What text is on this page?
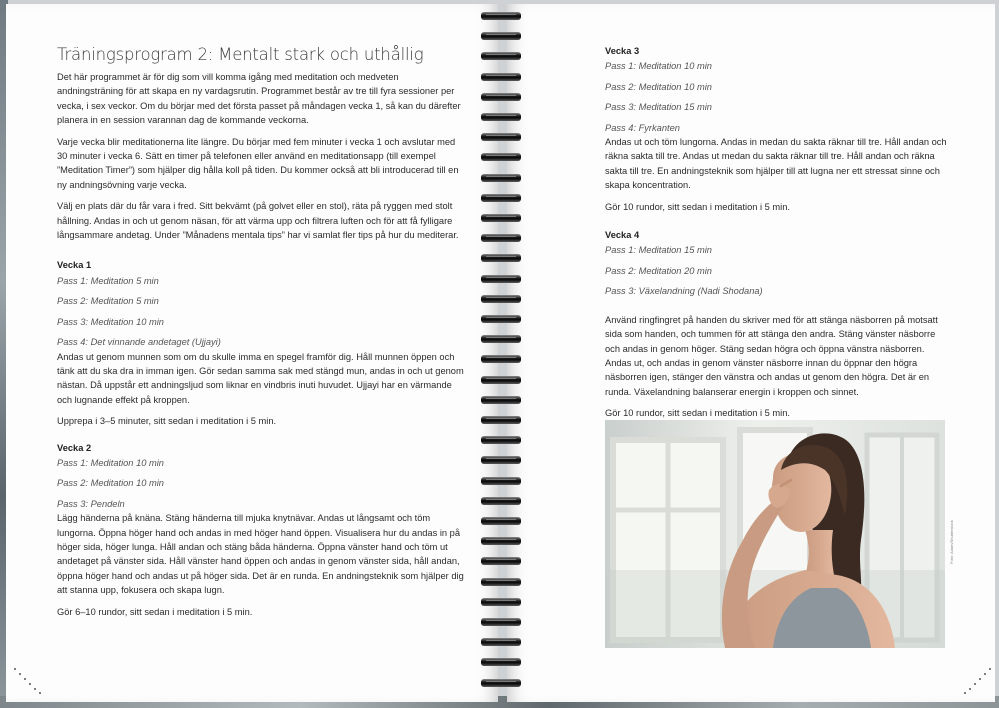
Träningsprogram 2: Mentalt stark och uthållig

Det här programmet är för dig som vill komma igång med meditation och medveten andningsträning för att skapa en ny vardagsrutin. Programmet består av tre till fyra sessioner per vecka, i sex veckor. Om du börjar med det första passet på måndagen vecka 1, så kan du därefter planera in en session varannan dag de kommande veckorna.

Varje vecka blir meditationerna lite längre. Du börjar med fem minuter i vecka 1 och avslutar med 30 minuter i vecka 6. Sätt en timer på telefonen eller använd en meditationsapp (till exempel ”Meditation Timer”) som hjälper dig hålla koll på tiden. Du kommer också att bli introducerad till en ny andningsövning varje vecka.

Välj en plats där du får vara i fred. Sitt bekvämt (på golvet eller en stol), räta på ryggen med stolt hållning. Andas in och ut genom näsan, för att värma upp och filtrera luften och för att få fylligare långsammare andetag. Under ”Månadens mentala tips” har vi samlat fler tips på hur du mediterar.

Vecka 1
Pass 1: Meditation 5 min
Pass 2: Meditation 5 min
Pass 3: Meditation 10 min
Pass 4: Det vinnande andetaget (Ujjayi)

Andas ut genom munnen som om du skulle imma en spegel framför dig. Håll munnen öppen och tänk att du ska dra in imman igen. Gör sedan samma sak med stängd mun, andas in och ut genom nästan. Då uppstår ett andningsljud som liknar en vindbris inuti huvudet. Ujjayi har en värmande och lugnande effekt på kroppen.

Upprepa i 3–5 minuter, sitt sedan i meditation i 5 min.

Vecka 2
Pass 1: Meditation 10 min
Pass 2: Meditation 10 min
Pass 3: Pendeln

Lägg händerna på knäna. Stäng händerna till mjuka knytnävar. Andas ut långsamt och töm lungorna. Öppna höger hand och andas in med höger hand öppen. Visualisera hur du andas in på höger sida, höger lunga. Håll andan och stäng båda händerna. Öppna vänster hand och töm ut andetaget på vänster sida. Håll vänster hand öppen och andas in genom vänster sida, håll andan, öppna höger hand och andas ut på höger sida. Det är en runda. En andningsteknik som hjälper dig att stanna upp, fokusera och skapa lugn.

Gör 6–10 rundor, sitt sedan i meditation i 5 min.

Vecka 3
Pass 1: Meditation 10 min
Pass 2: Meditation 10 min
Pass 3: Meditation 15 min
Pass 4: Fyrkanten

Andas ut och töm lungorna. Andas in medan du sakta räknar till tre. Håll andan och räkna sakta till tre. Andas ut medan du sakta räknar till tre. Håll andan och räkna sakta till tre. En andningsteknik som hjälper till att lugna ner ett stressat sinne och skapa koncentration.

Gör 10 rundor, sitt sedan i meditation i 5 min.

Vecka 4
Pass 1: Meditation 15 min
Pass 2: Meditation 20 min
Pass 3: Växelandning (Nadi Shodana)

Använd ringfingret på handen du skriver med för att stänga näsborren på motsatt sida som handen, och tummen för att stänga den andra. Stäng vänster näsborre och andas in genom höger. Stäng sedan högra och öppna vänstra näsborren. Andas ut, och andas in genom vänster näsborre innan du öppnar den högra näsborren igen, stänger den vänstra och andas ut genom den högra. Det är en runda. Växelandning balanserar energin i kroppen och sinnet.

Gör 10 rundor, sitt sedan i meditation i 5 min.

Foto: Adam/Shutterstock
